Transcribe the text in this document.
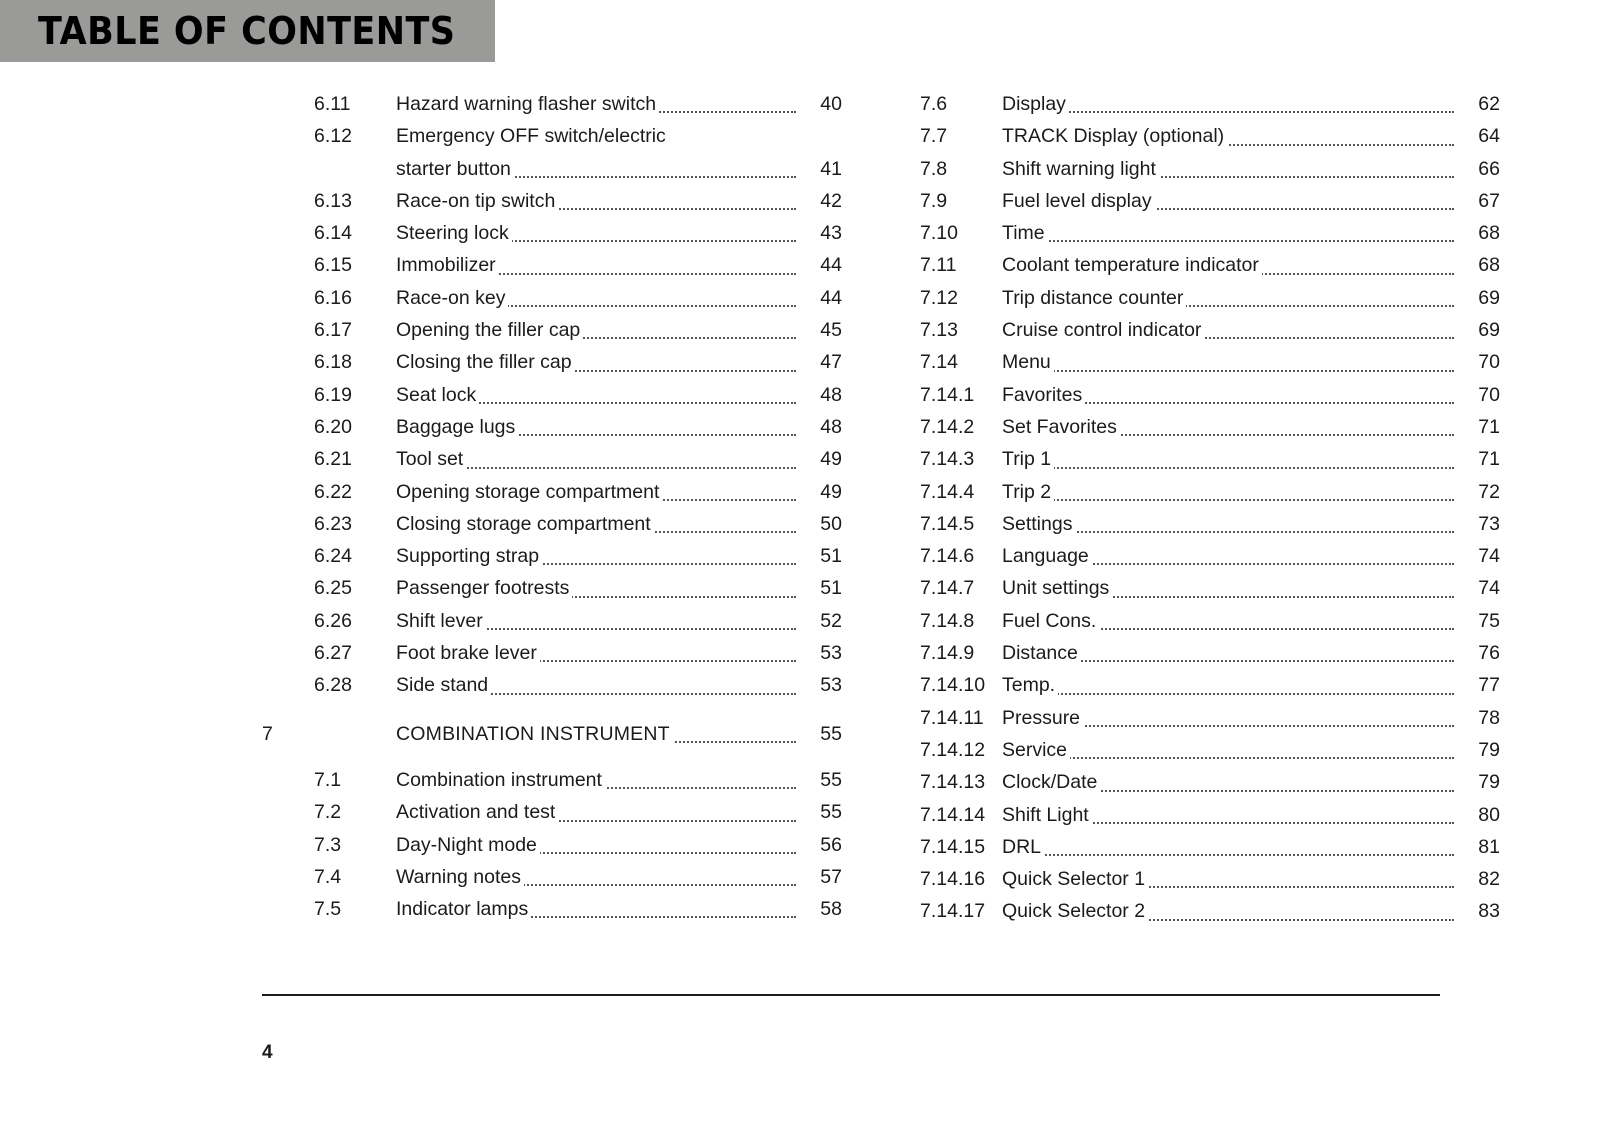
TABLE OF CONTENTS
6.11	Hazard warning flasher switch	40
6.12	Emergency OFF switch/electric	

starter button	41
6.13	Race-on tip switch	42
6.14	Steering lock	43
6.15	Immobilizer	44
6.16	Race-on key	44
6.17	Opening the filler cap	45
6.18	Closing the filler cap	47
6.19	Seat lock	48
6.20	Baggage lugs	48
6.21	Tool set	49
6.22	Opening storage compartment	49
6.23	Closing storage compartment	50
6.24	Supporting strap	51
6.25	Passenger footrests	51
6.26	Shift lever	52
6.27	Foot brake lever	53
6.28	Side stand	53

7	COMBINATION INSTRUMENT	55

7.1	Combination instrument	55
7.2	Activation and test	55
7.3	Day-Night mode	56
7.4	Warning notes	57
7.5	Indicator lamps	58
7.6	Display	62
7.7	TRACK Display (optional)	64
7.8	Shift warning light	66
7.9	Fuel level display	67
7.10	Time	68
7.11	Coolant temperature indicator	68
7.12	Trip distance counter	69
7.13	Cruise control indicator	69
7.14	Menu	70
7.14.1	Favorites	70
7.14.2	Set Favorites	71
7.14.3	Trip 1	71
7.14.4	Trip 2	72
7.14.5	Settings	73
7.14.6	Language	74
7.14.7	Unit settings	74
7.14.8	Fuel Cons.	75
7.14.9	Distance	76
7.14.10	Temp.	77
7.14.11	Pressure	78
7.14.12	Service	79
7.14.13	Clock/Date	79
7.14.14	Shift Light	80
7.14.15	DRL	81
7.14.16	Quick Selector 1	82
7.14.17	Quick Selector 2	83
4
